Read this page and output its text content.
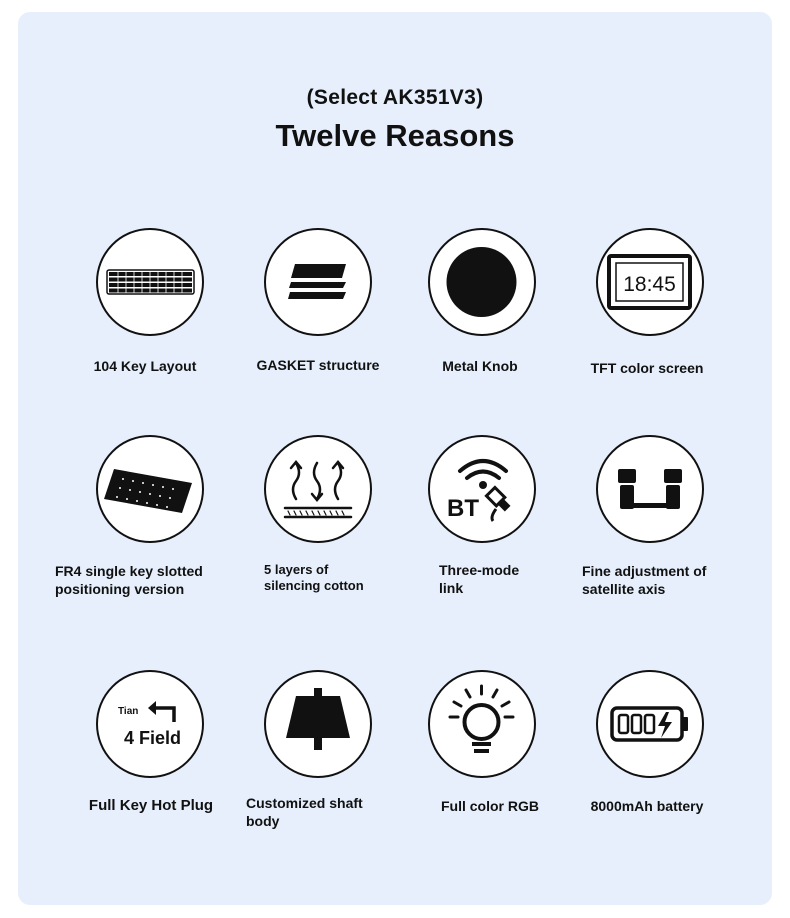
(Select AK351V3)
Twelve Reasons
104 Key Layout	GASKET structure	Metal Knob
18:45
TFT color screen
FR4 single key slotted
positioning version
5 layers of
silencing cotton
BT
Three-mode
link
Fine adjustment of
satellite axis
Tian
4 Field
Full Key Hot Plug Customized shaft
body
Full color RGB	8000mAh battery
